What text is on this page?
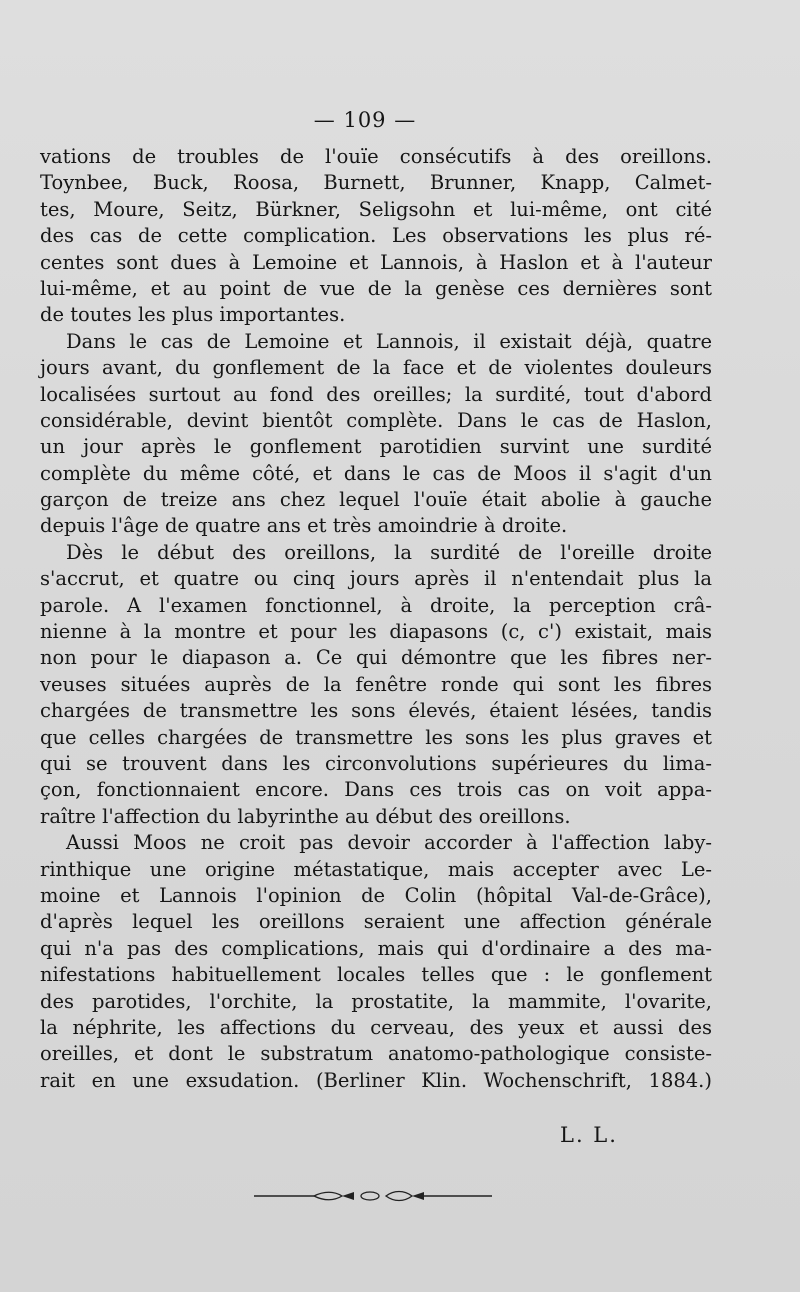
— 109 —
vations de troubles de l'ouïe consécutifs à des oreillons.
Toynbee, Buck, Roosa, Burnett, Brunner, Knapp, Calmet-
tes, Moure, Seitz, Bürkner, Seligsohn et lui-même, ont cité
des cas de cette complication. Les observations les plus ré-
centes sont dues à Lemoine et Lannois, à Haslon et à l'auteur
lui-même, et au point de vue de la genèse ces dernières sont
de toutes les plus importantes.
Dans le cas de Lemoine et Lannois, il existait déjà, quatre
jours avant, du gonflement de la face et de violentes douleurs
localisées surtout au fond des oreilles; la surdité, tout d'abord
considérable, devint bientôt complète. Dans le cas de Haslon,
un jour après le gonflement parotidien survint une surdité
complète du même côté, et dans le cas de Moos il s'agit d'un
garçon de treize ans chez lequel l'ouïe était abolie à gauche
depuis l'âge de quatre ans et très amoindrie à droite.
Dès le début des oreillons, la surdité de l'oreille droite
s'accrut, et quatre ou cinq jours après il n'entendait plus la
parole. A l'examen fonctionnel, à droite, la perception crâ-
nienne à la montre et pour les diapasons (c, c') existait, mais
non pour le diapason a. Ce qui démontre que les fibres ner-
veuses situées auprès de la fenêtre ronde qui sont les fibres
chargées de transmettre les sons élevés, étaient lésées, tandis
que celles chargées de transmettre les sons les plus graves et
qui se trouvent dans les circonvolutions supérieures du lima-
çon, fonctionnaient encore. Dans ces trois cas on voit appa-
raître l'affection du labyrinthe au début des oreillons.
Aussi Moos ne croit pas devoir accorder à l'affection laby-
rinthique une origine métastatique, mais accepter avec Le-
moine et Lannois l'opinion de Colin (hôpital Val-de-Grâce),
d'après lequel les oreillons seraient une affection générale
qui n'a pas des complications, mais qui d'ordinaire a des ma-
nifestations habituellement locales telles que : le gonflement
des parotides, l'orchite, la prostatite, la mammite, l'ovarite,
la néphrite, les affections du cerveau, des yeux et aussi des
oreilles, et dont le substratum anatomo-pathologique consiste-
rait en une exsudation. (Berliner Klin. Wochenschrift, 1884.)
L. L.
